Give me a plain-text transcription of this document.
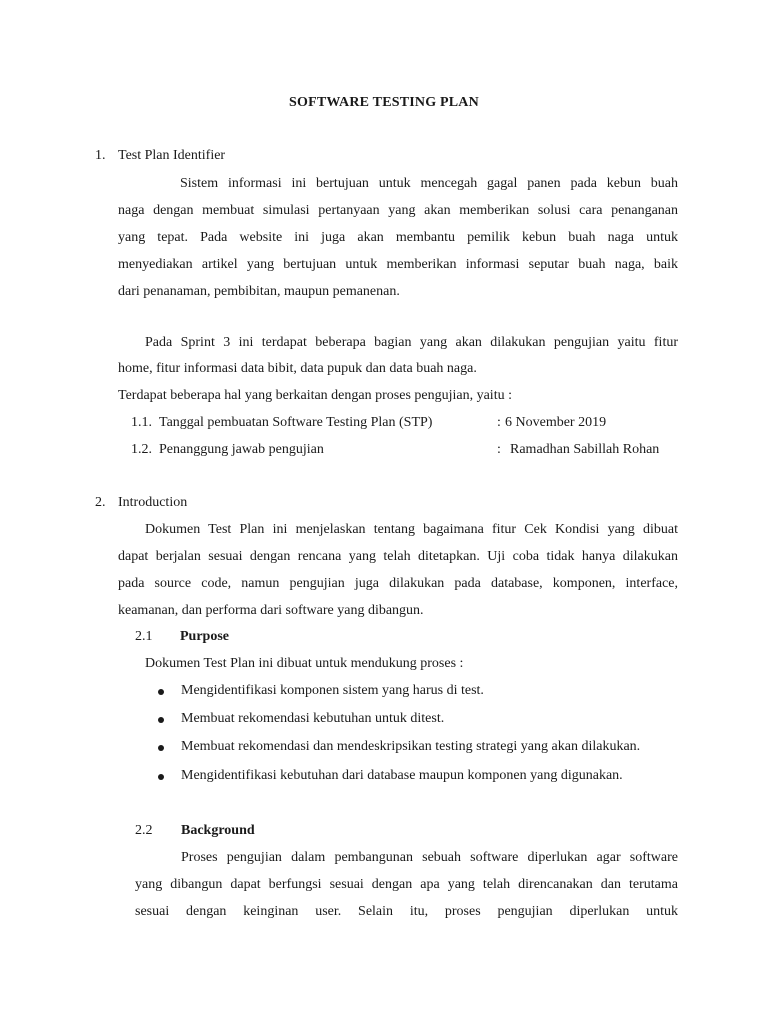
SOFTWARE TESTING PLAN
1. Test Plan Identifier
Sistem informasi ini bertujuan untuk mencegah gagal panen pada kebun buah
naga dengan membuat simulasi pertanyaan yang akan memberikan solusi cara penanganan
yang tepat. Pada website ini juga akan membantu pemilik kebun buah naga untuk
menyediakan artikel yang bertujuan untuk memberikan informasi seputar buah naga, baik
dari penanaman, pembibitan, maupun pemanenan.
Pada Sprint 3 ini terdapat beberapa bagian yang akan dilakukan pengujian yaitu fitur
home, fitur informasi data bibit, data pupuk dan data buah naga.
Terdapat beberapa hal yang berkaitan dengan proses pengujian, yaitu :
1.1. Tanggal pembuatan Software Testing Plan (STP)	: 6 November 2019
1.2. Penanggung jawab pengujian	: Ramadhan Sabillah Rohan
2. Introduction
Dokumen Test Plan ini menjelaskan tentang bagaimana fitur Cek Kondisi yang dibuat
dapat berjalan sesuai dengan rencana yang telah ditetapkan. Uji coba tidak hanya dilakukan
pada source code, namun pengujian juga dilakukan pada database, komponen, interface,
keamanan, dan performa dari software yang dibangun.
2.1 Purpose
Dokumen Test Plan ini dibuat untuk mendukung proses :
Mengidentifikasi komponen sistem yang harus di test.
Membuat rekomendasi kebutuhan untuk ditest.
Membuat rekomendasi dan mendeskripsikan testing strategi yang akan dilakukan.
Mengidentifikasi kebutuhan dari database maupun komponen yang digunakan.
2.2 Background
Proses pengujian dalam pembangunan sebuah software diperlukan agar software
yang dibangun dapat berfungsi sesuai dengan apa yang telah direncanakan dan terutama
sesuai dengan keinginan user. Selain itu, proses pengujian diperlukan untuk
